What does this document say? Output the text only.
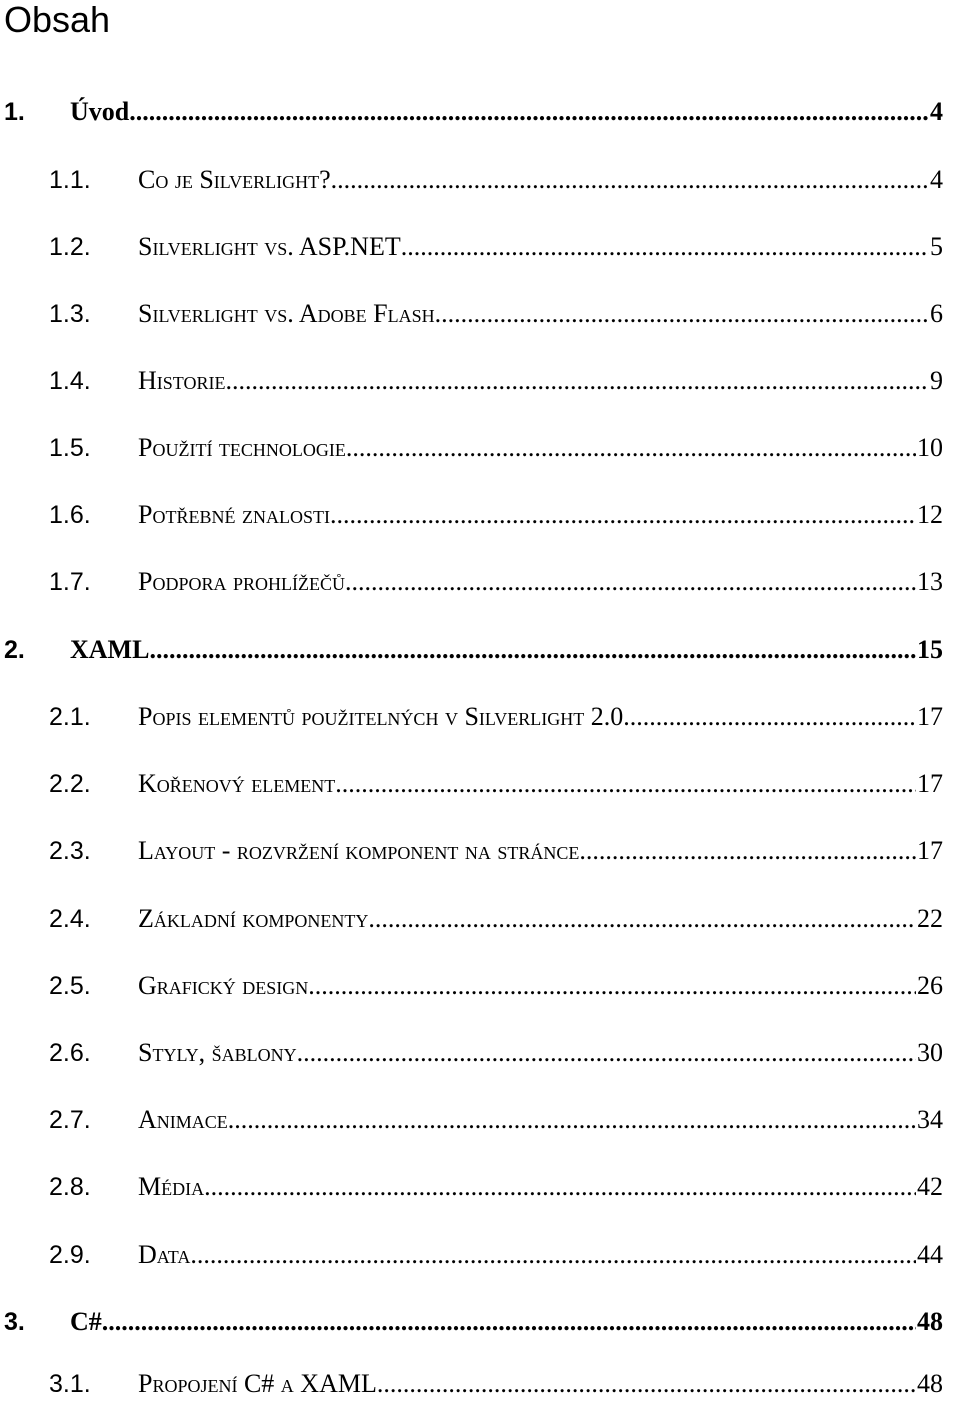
Obsah
1.	Úvod .....	4
1.1.	Co je Silverlight? .....	4
1.2.	Silverlight vs. ASP.NET .....	5
1.3.	Silverlight vs. Adobe Flash .....	6
1.4.	Historie .....	9
1.5.	Použití technologie .....	10
1.6.	Potřebné znalosti .....	12
1.7.	Podpora prohlížečů .....	13
2.	XAML .....	15
2.1.	Popis elementů použitelných v Silverlight 2.0 .....	17
2.2.	Kořenový element .....	17
2.3.	Layout - rozvržení komponent na stránce .....	17
2.4.	Základní komponenty .....	22
2.5.	Grafický design .....	26
2.6.	Styly, šablony .....	30
2.7.	Animace .....	34
2.8.	Média .....	42
2.9.	Data .....	44
3.	C# .....	48
3.1.	Propojení C# a XAML .....	48
